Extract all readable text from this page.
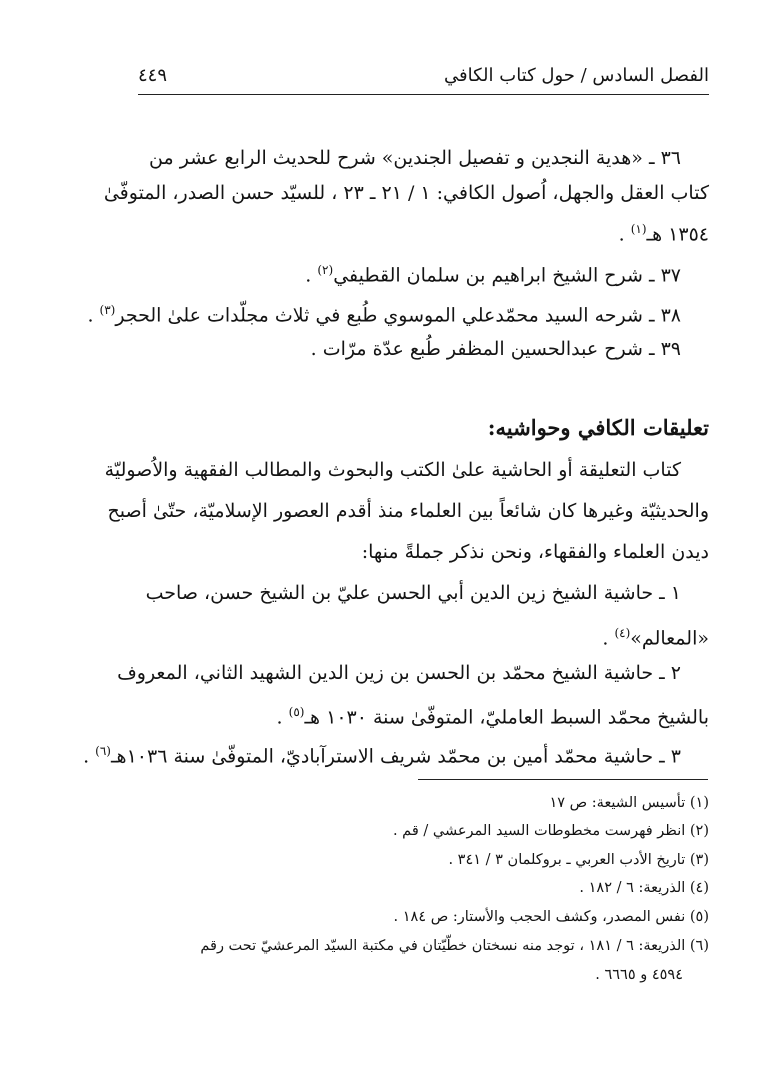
الفصل السادس / حول كتاب الكافي
٤٤٩

٣٦ ـ «هدية النجدين و تفصيل الجندين» شرح للحديث الرابع عشر من

كتاب العقل والجهل، اُصول الكافي: ١ / ٢١ ـ ٢٣ ، للسيّد حسن الصدر، المتوفّىٰ

١٣٥٤ هـ$^{(١)}$ .

٣٧ ـ شرح الشيخ ابراهيم بن سلمان القطيفي$^{(٢)}$ .

٣٨ ـ شرحه السيد محمّدعلي الموسوي طُبع في ثلاث مجلّدات علىٰ الحجر$^{(٣)}$ .

٣٩ ـ شرح عبدالحسين المظفر طُبع عدّة مرّات .

تعليقات الكافي وحواشيه:

كتاب التعليقة أو الحاشية علىٰ الكتب والبحوث والمطالب الفقهية والاُصوليّة

والحديثيّة وغيرها كان شائعاً بين العلماء منذ أقدم العصور الإسلاميّة، حتّىٰ أصبح

ديدن العلماء والفقهاء، ونحن نذكر جملةً منها:

١ ـ حاشية الشيخ زين الدين أبي الحسن عليّ بن الشيخ حسن، صاحب

«المعالم»$^{(٤)}$ .

٢ ـ حاشية الشيخ محمّد بن الحسن بن زين الدين الشهيد الثاني، المعروف

بالشيخ محمّد السبط العامليّ، المتوفّىٰ سنة ١٠٣٠ هـ$^{(٥)}$ .

٣ ـ حاشية محمّد أمين بن محمّد شريف الاسترآباديّ، المتوفّىٰ سنة ١٠٣٦هـ$^{(٦)}$ .

(١) تأسيس الشيعة: ص ١٧

(٢) انظر فهرست مخطوطات السيد المرعشي / قم .

(٣) تاريخ الأدب العربي ـ بروكلمان ٣ / ٣٤١ .

(٤) الذريعة: ٦ / ١٨٢ .

(٥) نفس المصدر، وكشف الحجب والأستار: ص ١٨٤ .

(٦) الذريعة: ٦ / ١٨١ ، توجد منه نسختان خطّيّتان في مكتبة السيّد المرعشيّ تحت رقم

٤٥٩٤ و ٦٦٦٥ .
